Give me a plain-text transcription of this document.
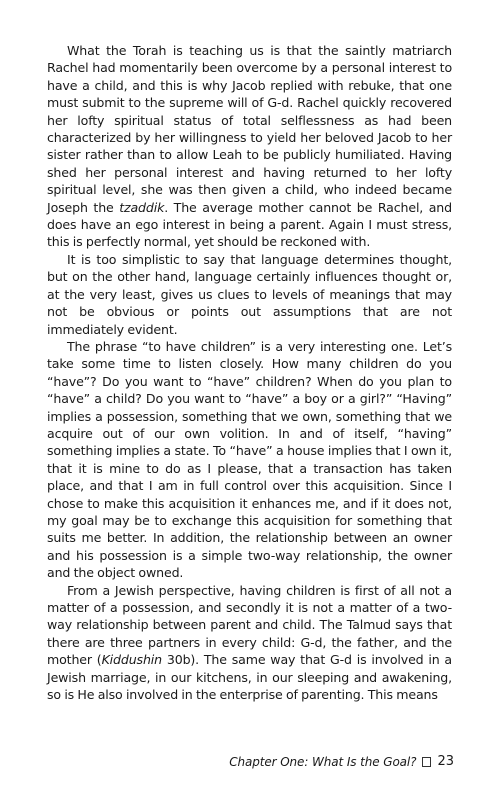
What the Torah is teaching us is that the saintly matriarch Rachel had momentarily been overcome by a personal interest to have a child, and this is why Jacob replied with rebuke, that one must submit to the supreme will of G-d. Rachel quickly recovered her lofty spiritual status of total selflessness as had been characterized by her willingness to yield her beloved Jacob to her sister rather than to allow Leah to be publicly humiliated. Having shed her personal interest and having returned to her lofty spiritual level, she was then given a child, who indeed became Joseph the tzaddik. The average mother cannot be Rachel, and does have an ego interest in being a parent. Again I must stress, this is perfectly normal, yet should be reckoned with.

It is too simplistic to say that language determines thought, but on the other hand, language certainly influences thought or, at the very least, gives us clues to levels of meanings that may not be obvious or points out assumptions that are not immediately evident.

The phrase “to have children” is a very interesting one. Let’s take some time to listen closely. How many children do you “have”? Do you want to “have” children? When do you plan to “have” a child? Do you want to “have” a boy or a girl?” “Having” implies a possession, something that we own, something that we acquire out of our own volition. In and of itself, “having” something implies a state. To “have” a house implies that I own it, that it is mine to do as I please, that a transaction has taken place, and that I am in full control over this acquisition. Since I chose to make this acquisition it enhances me, and if it does not, my goal may be to exchange this acquisition for something that suits me better. In addition, the relationship between an owner and his possession is a simple two-way relationship, the owner and the object owned.

From a Jewish perspective, having children is first of all not a matter of a possession, and secondly it is not a matter of a two-way relationship between parent and child. The Talmud says that there are three partners in every child: G-d, the father, and the mother (Kiddushin 30b). The same way that G-d is involved in a Jewish marriage, in our kitchens, in our sleeping and awakening, so is He also involved in the enterprise of parenting. This means

Chapter One: What Is the Goal? 23
